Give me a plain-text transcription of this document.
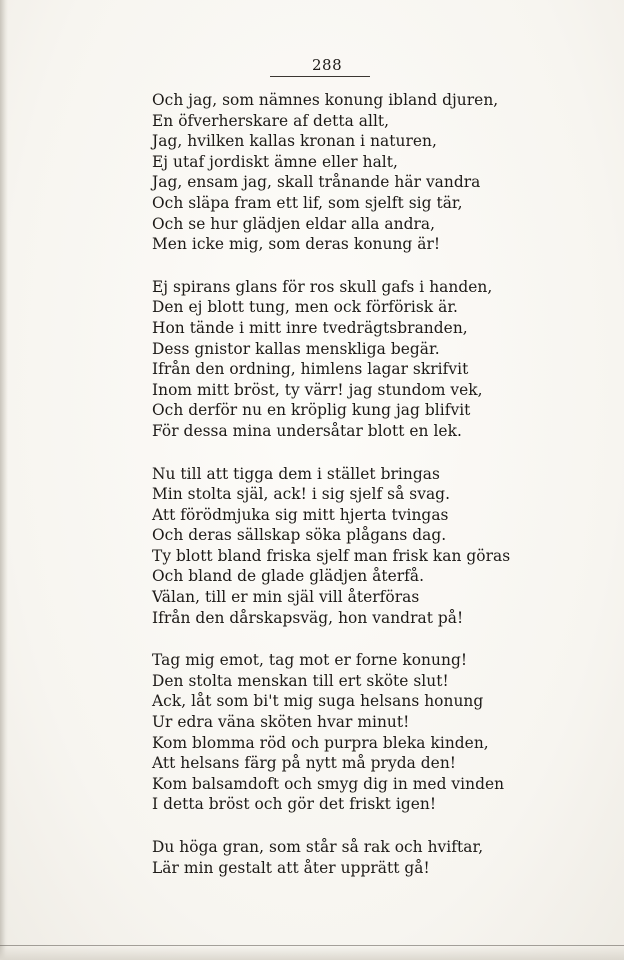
288
Och jag, som nämnes konung ibland djuren,
En öfverherskare af detta allt,
Jag, hvilken kallas kronan i naturen,
Ej utaf jordiskt ämne eller halt,
Jag, ensam jag, skall trånande här vandra
Och släpa fram ett lif, som sjelft sig tär,
Och se hur glädjen eldar alla andra,
Men icke mig, som deras konung är!
Ej spirans glans för ros skull gafs i handen,
Den ej blott tung, men ock förförisk är.
Hon tände i mitt inre tvedrägtsbranden,
Dess gnistor kallas menskliga begär.
Ifrån den ordning, himlens lagar skrifvit
Inom mitt bröst, ty värr! jag stundom vek,
Och derför nu en kröplig kung jag blifvit
För dessa mina undersåtar blott en lek.
Nu till att tigga dem i stället bringas
Min stolta själ, ack! i sig sjelf så svag.
Att förödmjuka sig mitt hjerta tvingas
Och deras sällskap söka plågans dag.
Ty blott bland friska sjelf man frisk kan göras
Och bland de glade glädjen återfå.
Välan, till er min själ vill återföras
Ifrån den dårskapsväg, hon vandrat på!
Tag mig emot, tag mot er forne konung!
Den stolta menskan till ert sköte slut!
Ack, låt som bi't mig suga helsans honung
Ur edra väna sköten hvar minut!
Kom blomma röd och purpra bleka kinden,
Att helsans färg på nytt må pryda den!
Kom balsamdoft och smyg dig in med vinden
I detta bröst och gör det friskt igen!
Du höga gran, som står så rak och hviftar,
Lär min gestalt att åter upprätt gå!
